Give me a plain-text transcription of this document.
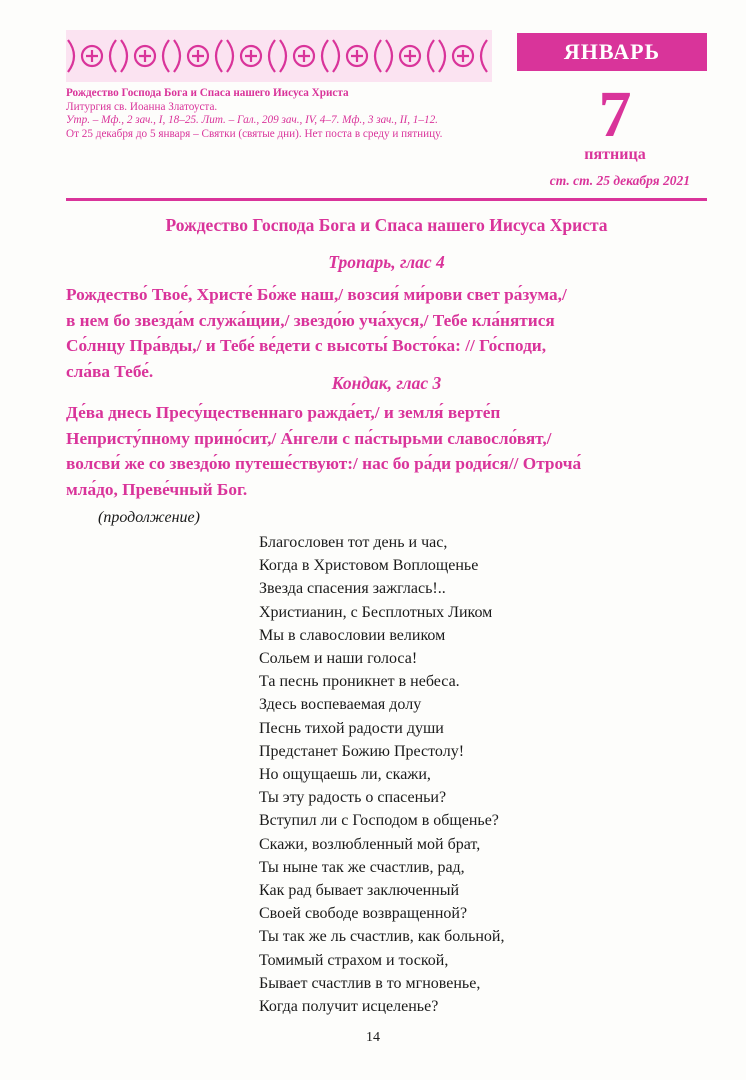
ЯНВАРЬ
Рождество Господа Бога и Спаса нашего Иисуса Христа
Литургия св. Иоанна Златоуста.
Утр. – Мф., 2 зач., I, 18–25. Лит. – Гал., 209 зач., IV, 4–7. Мф., 3 зач., II, 1–12.
От 25 декабря до 5 января – Святки (святые дни). Нет поста в среду и пятницу.	7
пятница
ст. ст. 25 декабря 2021
Рождество Господа Бога и Спаса нашего Иисуса Христа
Тропарь, глас 4
Рождество́ Твое́, Христе́ Бо́же наш,/ возсия́ ми́рови свет ра́зума,/
в нем бо звезда́м служа́щии,/ звездо́ю уча́хуся,/ Тебе кла́нятися
Со́лнцу Пра́вды,/ и Тебе́ ве́дети с высоты́ Восто́ка: // Го́споди,
сла́ва Тебе́.
Кондак, глас 3
Де́ва днесь Пресу́щественнаго ражда́ет,/ и земля́ верте́п
Непристу́пному прино́сит,/ А́нгели с па́стырьми славосло́вят,/
волсви́ же со звездо́ю путеше́ствуют:/ нас бо ра́ди роди́ся// Отроча́
мла́до, Преве́чный Бог.
(продолжение)
Благословен тот день и час,
Когда в Христовом Воплощенье
Звезда спасения зажглась!..
Христианин, с Бесплотных Ликом
Мы в славословии великом
Сольем и наши голоса!
Та песнь проникнет в небеса.
Здесь воспеваемая долу
Песнь тихой радости души
Предстанет Божию Престолу!
Но ощущаешь ли, скажи,
Ты эту радость о спасеньи?
Вступил ли с Господом в общенье?
Скажи, возлюбленный мой брат,
Ты ныне так же счастлив, рад,
Как рад бывает заключенный
Своей свободе возвращенной?
Ты так же ль счастлив, как больной,
Томимый страхом и тоской,
Бывает счастлив в то мгновенье,
Когда получит исцеленье?
14
